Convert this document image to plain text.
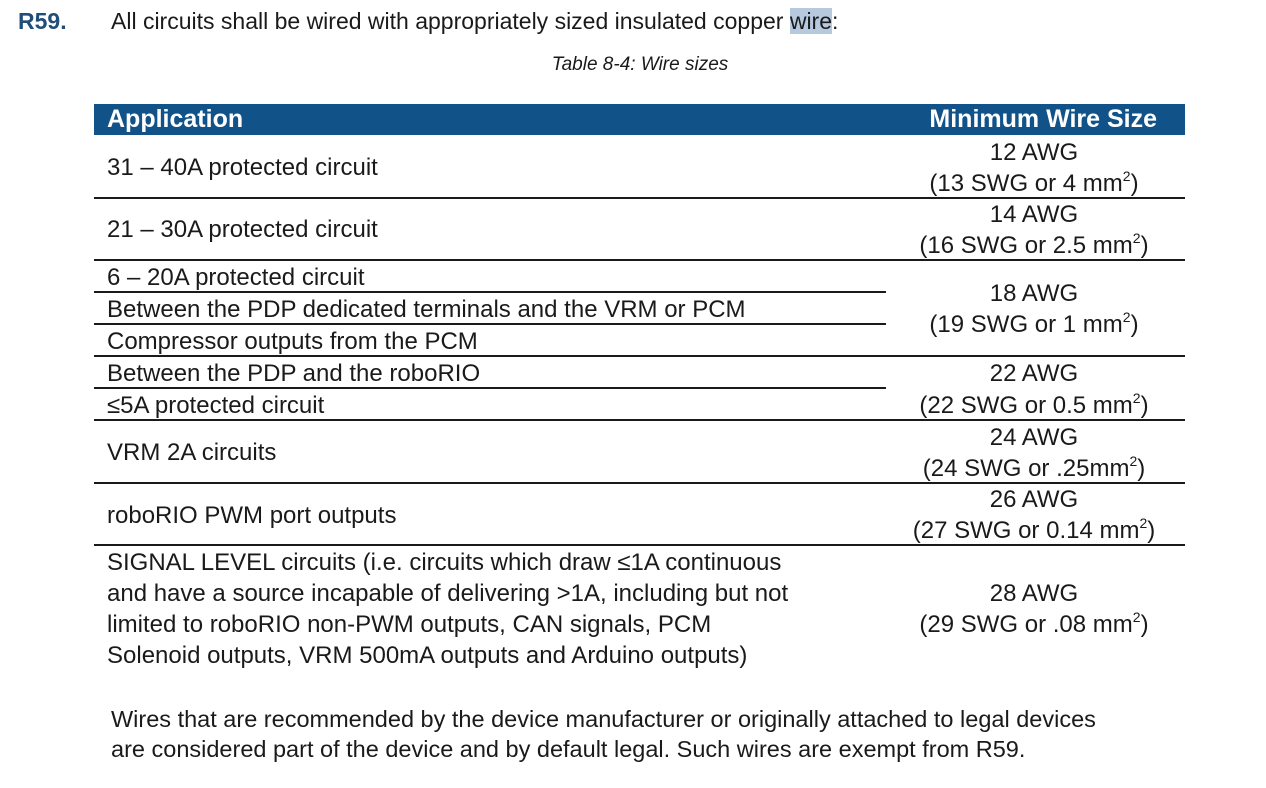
R59. All circuits shall be wired with appropriately sized insulated copper wire:
Table 8-4: Wire sizes
Application	Minimum Wire Size
31 – 40A protected circuit
21 – 30A protected circuit
6 – 20A protected circuit
Between the PDP dedicated terminals and the VRM or PCM
Compressor outputs from the PCM
Between the PDP and the roboRIO
≤5A protected circuit
VRM 2A circuits
roboRIO PWM port outputs
SIGNAL LEVEL circuits (i.e. circuits which draw ≤1A continuous
and have a source incapable of delivering >1A, including but not
limited to roboRIO non-PWM outputs, CAN signals, PCM
Solenoid outputs, VRM 500mA outputs and Arduino outputs)
12 AWG
(13 SWG or 4 $mm^2$)
14 AWG
(16 SWG or 2.5 $mm^2$)
18 AWG
(19 SWG or 1 $mm^2$)
22 AWG
(22 SWG or 0.5 $mm^2$)
24 AWG
(24 SWG or $.25mm^2$)
26 AWG
(27 SWG or 0.14 $mm^2$)
28 AWG
(29 SWG or .08 $mm^2$)
Wires that are recommended by the device manufacturer or originally attached to legal devices
are considered part of the device and by default legal. Such wires are exempt from R59.
